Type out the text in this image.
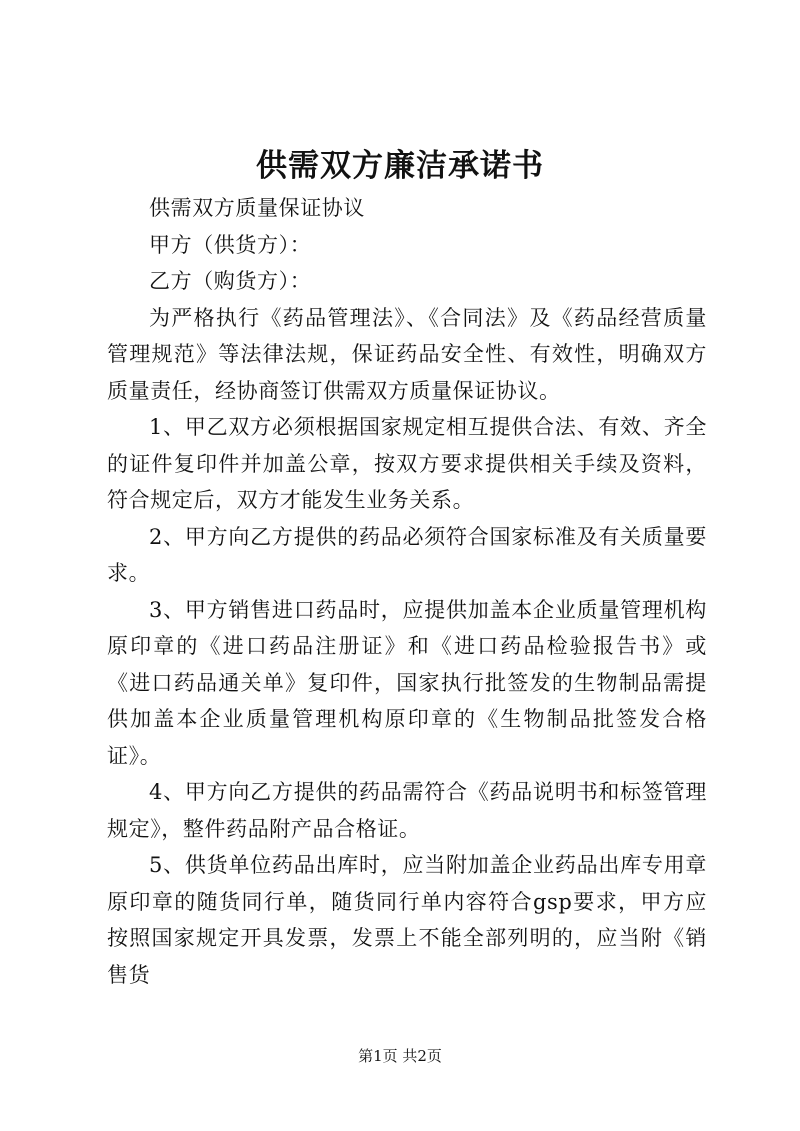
供需双方廉洁承诺书

供需双方质量保证协议

甲方（供货方）：

乙方（购货方）：

为严格执行《药品管理法》、《合同法》及《药品经营质量管理规范》等法律法规，保证药品安全性、有效性，明确双方质量责任，经协商签订供需双方质量保证协议。

1、甲乙双方必须根据国家规定相互提供合法、有效、齐全的证件复印件并加盖公章，按双方要求提供相关手续及资料，符合规定后，双方才能发生业务关系。

2、甲方向乙方提供的药品必须符合国家标准及有关质量要求。

3、甲方销售进口药品时，应提供加盖本企业质量管理机构原印章的《进口药品注册证》和《进口药品检验报告书》或《进口药品通关单》复印件，国家执行批签发的生物制品需提供加盖本企业质量管理机构原印章的《生物制品批签发合格证》。

4、甲方向乙方提供的药品需符合《药品说明书和标签管理规定》，整件药品附产品合格证。

5、供货单位药品出库时，应当附加盖企业药品出库专用章原印章的随货同行单，随货同行单内容符合gsp要求，甲方应按照国家规定开具发票，发票上不能全部列明的，应当附《销售货

第1页 共2页
